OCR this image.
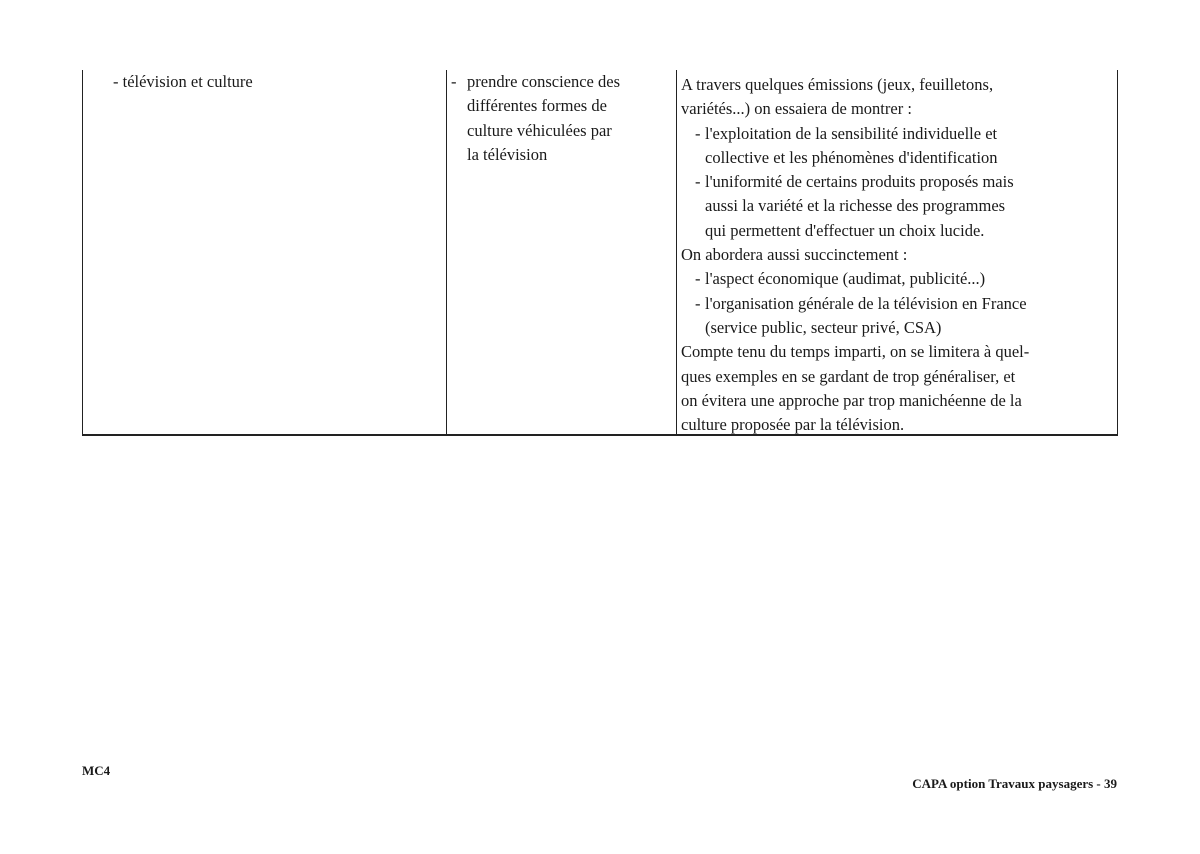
- télévision et culture	- prendre conscience des
différentes formes de
culture véhiculées par
la télévision
A travers quelques émissions (jeux, feuilletons,
variétés...) on essaiera de montrer :
- l'exploitation de la sensibilité individuelle et
collective et les phénomènes d'identification
- l'uniformité de certains produits proposés mais
aussi la variété et la richesse des programmes
qui permettent d'effectuer un choix lucide.
On abordera aussi succinctement :
- l'aspect économique (audimat, publicité...)
- l'organisation générale de la télévision en France
(service public, secteur privé, CSA)
Compte tenu du temps imparti, on se limitera à quel-
ques exemples en se gardant de trop généraliser, et
on évitera une approche par trop manichéenne de la
culture proposée par la télévision.
MC4
CAPA option Travaux paysagers - 39
